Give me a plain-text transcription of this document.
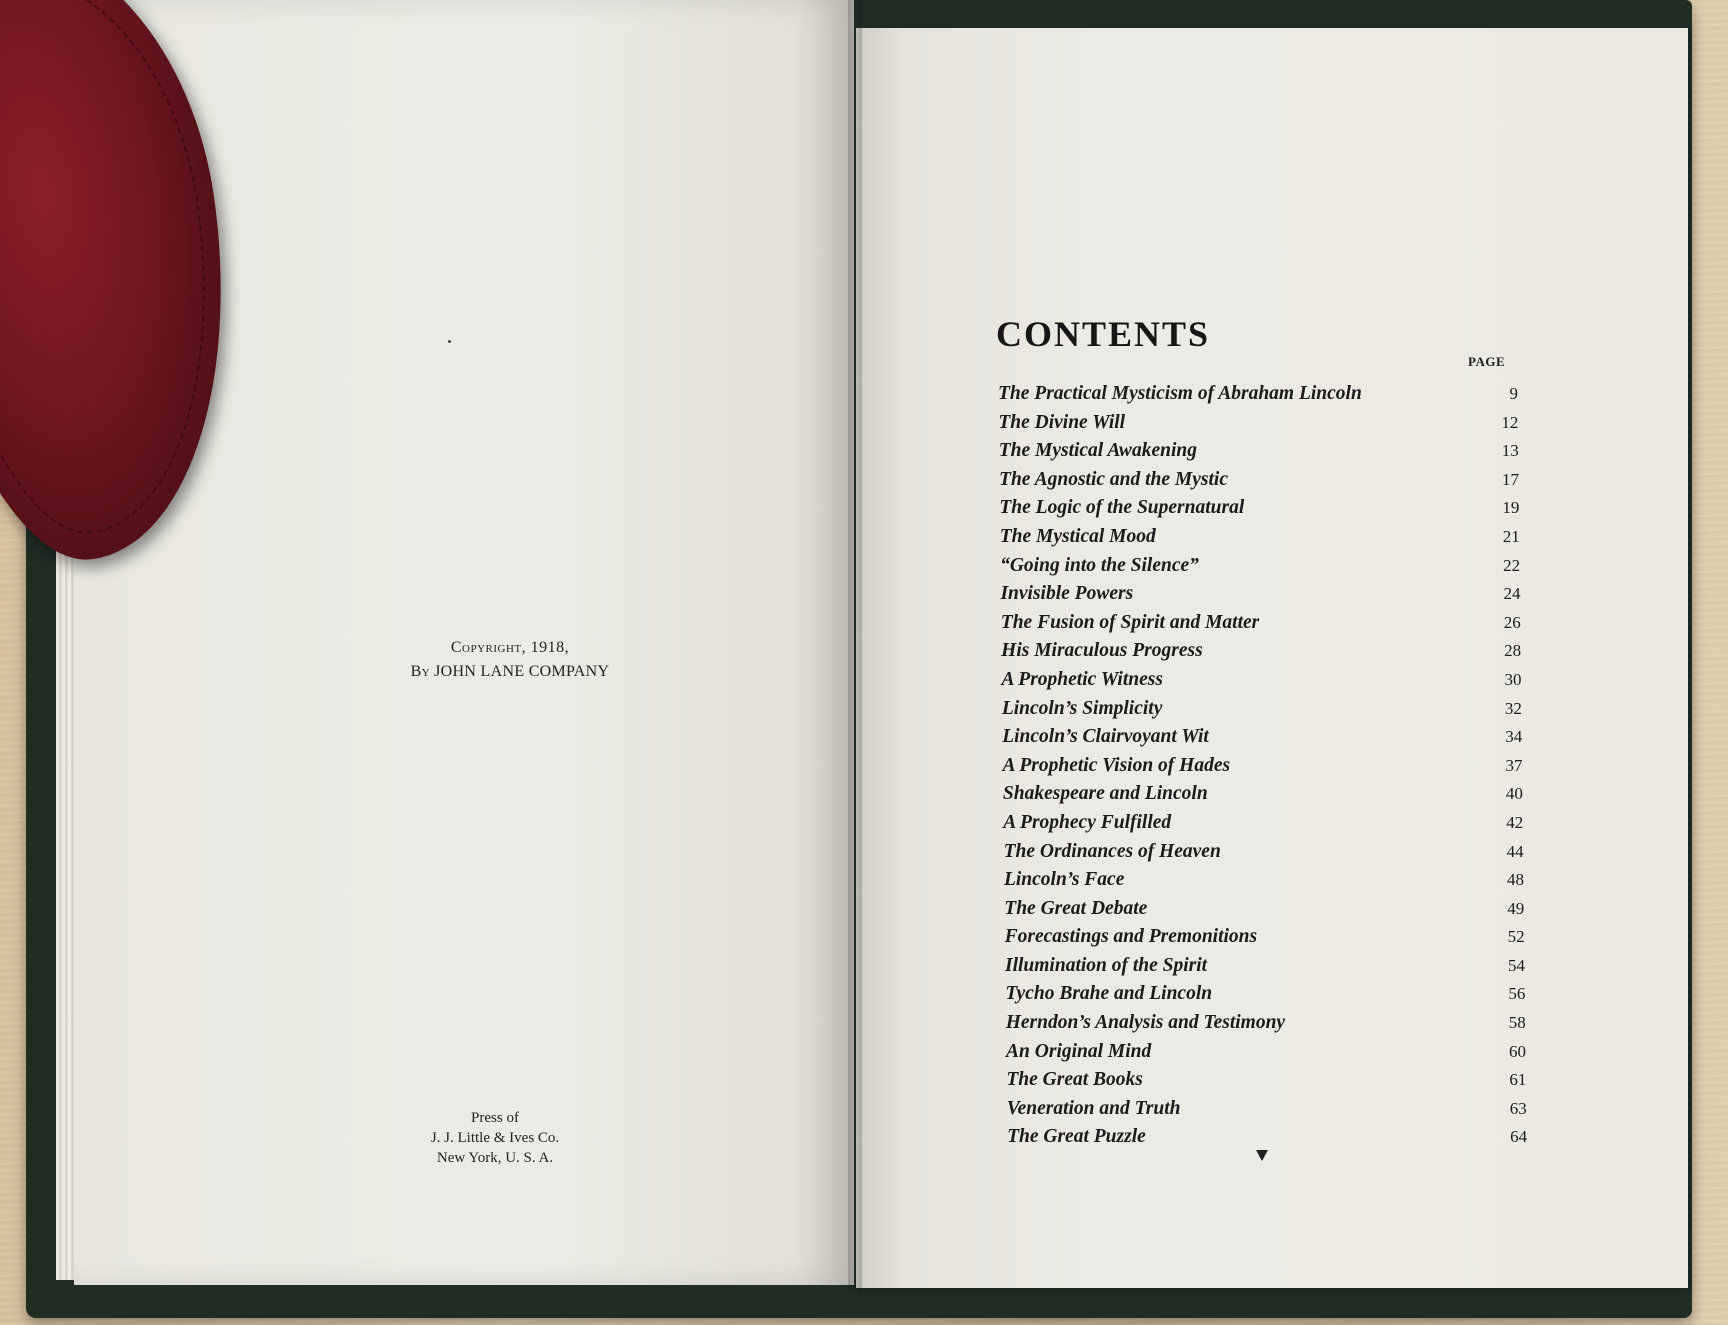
Copyright, 1918,
By JOHN LANE COMPANY
Press of
J. J. Little & Ives Co.
New York, U. S. A.
CONTENTS
PAGE
The Practical Mysticism of Abraham Lincoln	9
The Divine Will	12
The Mystical Awakening	13
The Agnostic and the Mystic	17
The Logic of the Supernatural	19
The Mystical Mood	21
“Going into the Silence”	22
Invisible Powers	24
The Fusion of Spirit and Matter	26
His Miraculous Progress	28
A Prophetic Witness	30
Lincoln’s Simplicity	32
Lincoln’s Clairvoyant Wit	34
A Prophetic Vision of Hades	37
Shakespeare and Lincoln	40
A Prophecy Fulfilled	42
The Ordinances of Heaven	44
Lincoln’s Face	48
The Great Debate	49
Forecastings and Premonitions	52
Illumination of the Spirit	54
Tycho Brahe and Lincoln	56
Herndon’s Analysis and Testimony	58
An Original Mind	60
The Great Books	61
Veneration and Truth	63
The Great Puzzle	64
